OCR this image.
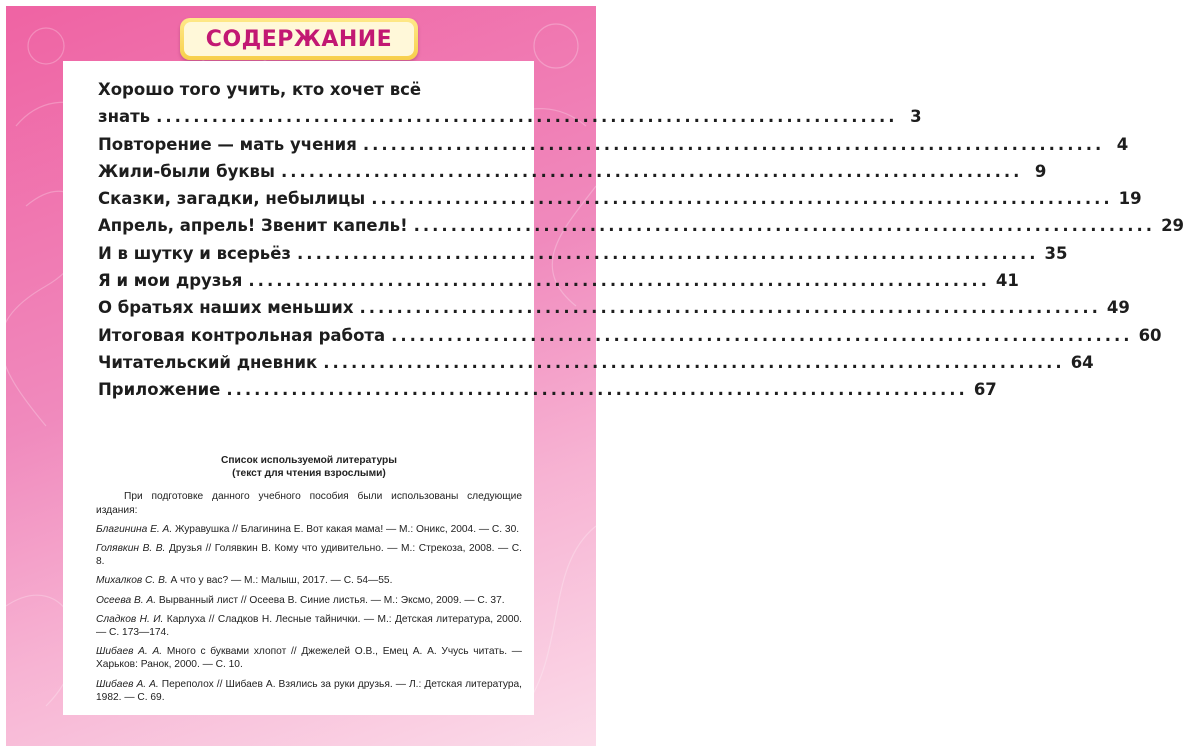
СОДЕРЖАНИЕ
Хорошо того учить, кто хочет всё
знать ................................................................................ 3
Повторение — мать учения ................................................................................ 4
Жили-были буквы ................................................................................ 9
Сказки, загадки, небылицы ................................................................................ 19
Апрель, апрель! Звенит капель! ................................................................................ 29
И в шутку и всерьёз ................................................................................ 35
Я и мои друзья ................................................................................ 41
О братьях наших меньших ................................................................................ 49
Итоговая контрольная работа ................................................................................ 60
Читательский дневник ................................................................................ 64
Приложение ................................................................................ 67
Список используемой литературы
(текст для чтения взрослыми)
При подготовке данного учебного пособия были использованы следующие издания:
Благинина Е. А. Журавушка // Благинина Е. Вот какая мама! — М.: Оникс, 2004. — С. 30.
Голявкин В. В. Друзья // Голявкин В. Кому что удивительно. — М.: Стрекоза, 2008. — С. 8.
Михалков С. В. А что у вас? — М.: Малыш, 2017. — С. 54—55.
Осеева В. А. Вырванный лист // Осеева В. Синие листья. — М.: Эксмо, 2009. — С. 37.
Сладков Н. И. Карлуха // Сладков Н. Лесные тайнички. — М.: Детская литература, 2000. — С. 173—174.
Шибаев А. А. Много с буквами хлопот // Джежелей О.В., Емец А. А. Учусь читать. — Харьков: Ранок, 2000. — С. 10.
Шибаев А. А. Переполох // Шибаев А. Взялись за руки друзья. — Л.: Детская литература, 1982. — С. 69.
